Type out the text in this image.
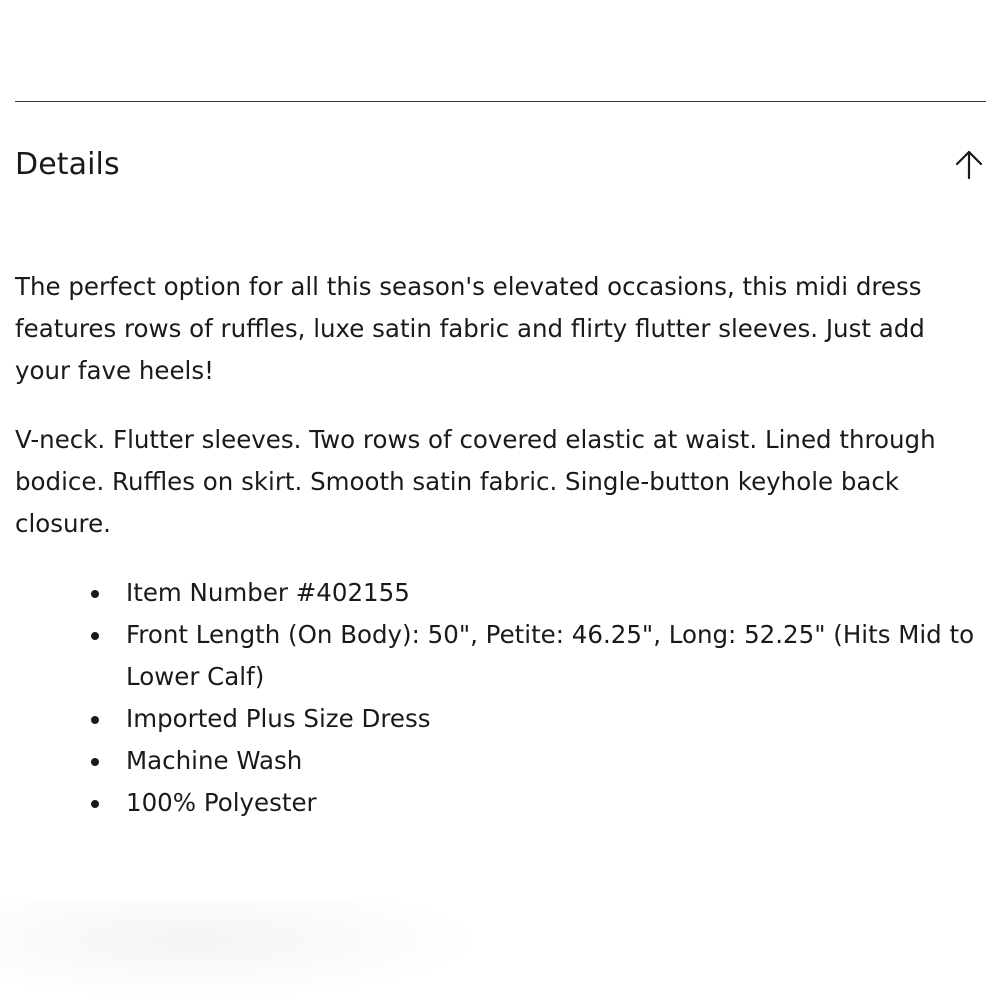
Details

The perfect option for all this season's elevated occasions, this midi dress features rows of ruffles, luxe satin fabric and flirty flutter sleeves. Just add your fave heels!

V-neck. Flutter sleeves. Two rows of covered elastic at waist. Lined through bodice. Ruffles on skirt. Smooth satin fabric. Single-button keyhole back closure.

Item Number #402155
Front Length (On Body): 50", Petite: 46.25", Long: 52.25" (Hits Mid to Lower Calf)
Imported Plus Size Dress
Machine Wash
100% Polyester
